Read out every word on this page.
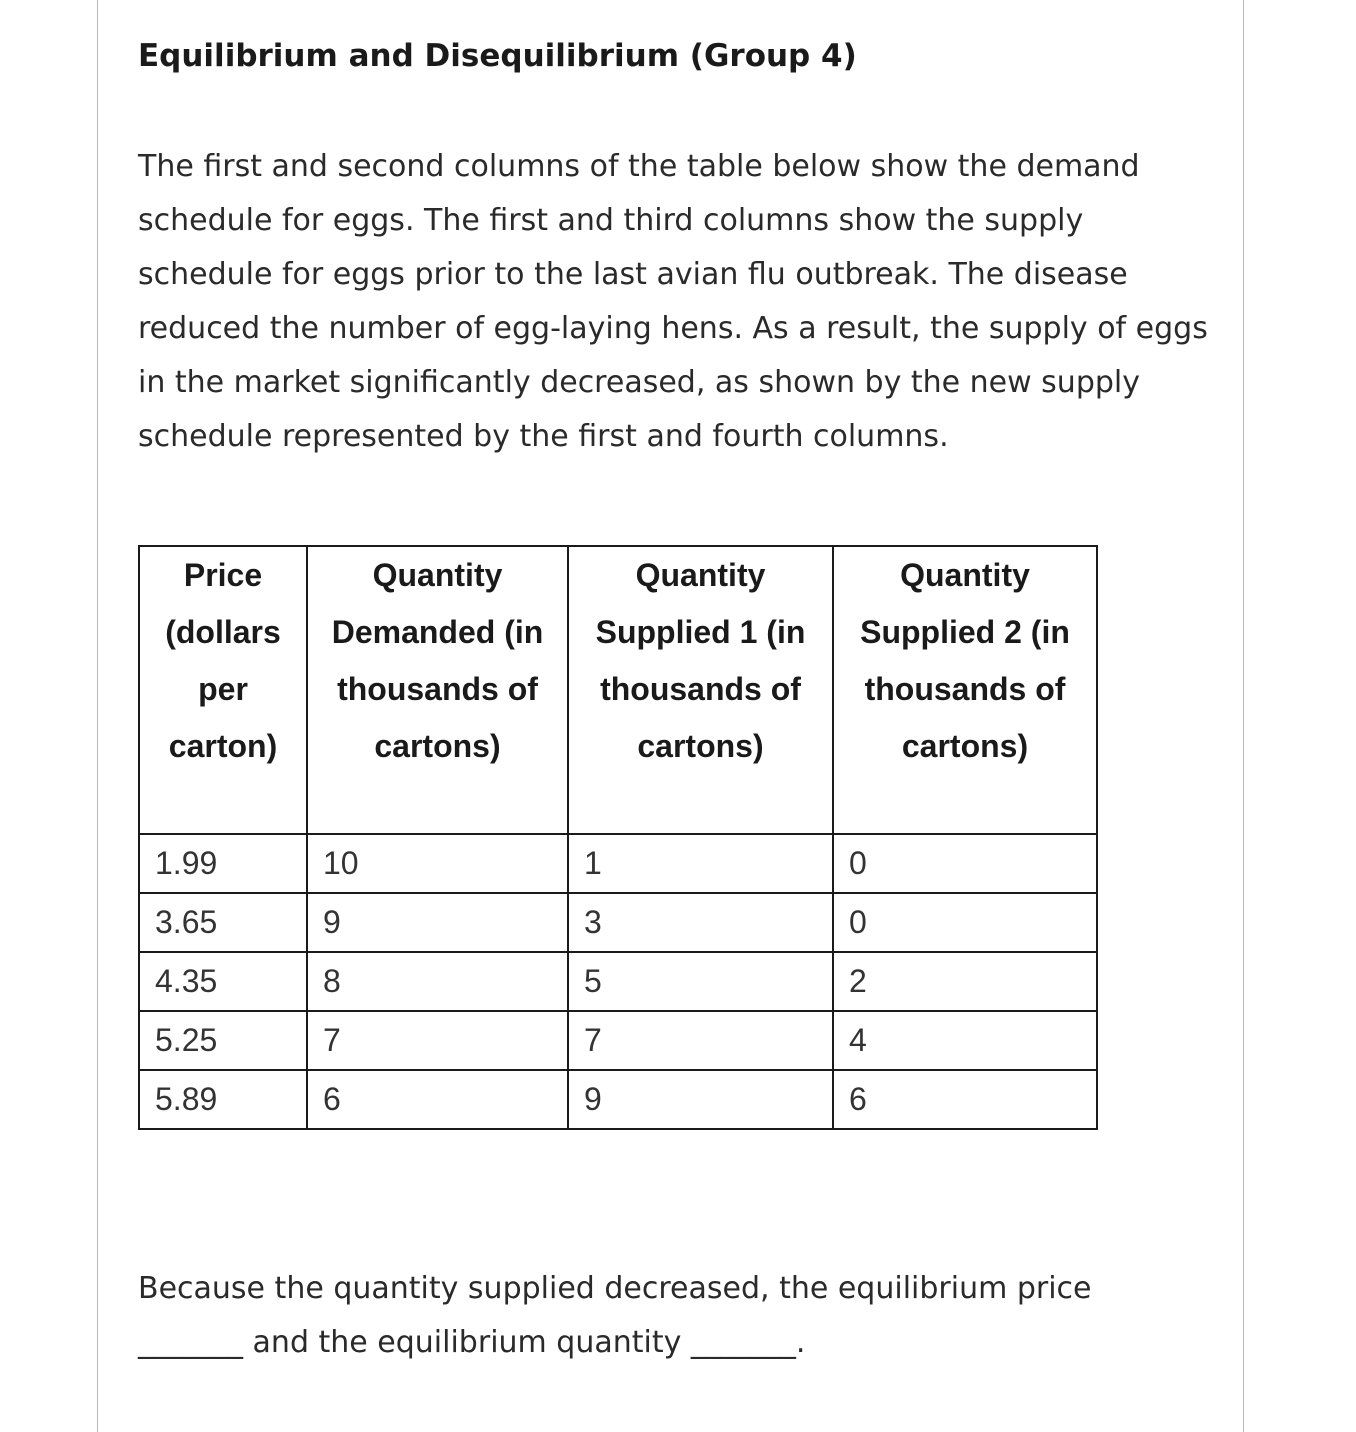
Equilibrium and Disequilibrium (Group 4)

The first and second columns of the table below show the demand schedule for eggs. The first and third columns show the supply schedule for eggs prior to the last avian flu outbreak. The disease reduced the number of egg-laying hens. As a result, the supply of eggs in the market significantly decreased, as shown by the new supply schedule represented by the first and fourth columns.

Price (dollars per carton)	Quantity Demanded (in thousands of cartons)	Quantity Supplied 1 (in thousands of cartons)	Quantity Supplied 2 (in thousands of cartons)
1.99	10	1	0
3.65	9	3	0
4.35	8	5	2
5.25	7	7	4
5.89	6	9	6

Because the quantity supplied decreased, the equilibrium price _______ and the equilibrium quantity _______.
